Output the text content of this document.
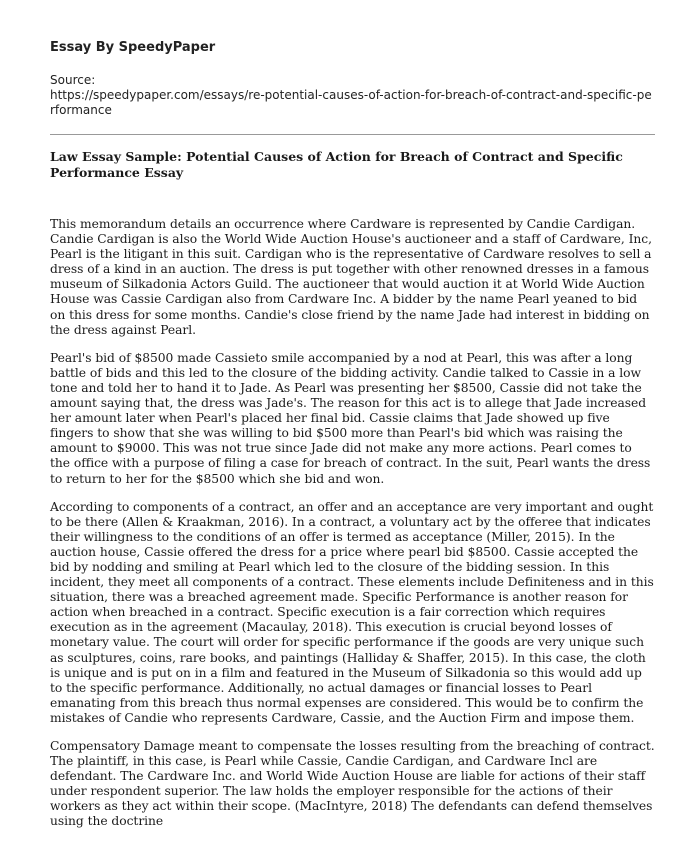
Essay By SpeedyPaper
Source:
https://speedypaper.com/essays/re-potential-causes-of-action-for-breach-of-contract-and-specific-performance
Law Essay Sample: Potential Causes of Action for Breach of Contract and Specific Performance Essay

This memorandum details an occurrence where Cardware is represented by Candie Cardigan. Candie Cardigan is also the World Wide Auction House's auctioneer and a staff of Cardware, Inc, Pearl is the litigant in this suit. Cardigan who is the representative of Cardware resolves to sell a dress of a kind in an auction. The dress is put together with other renowned dresses in a famous museum of Silkadonia Actors Guild. The auctioneer that would auction it at World Wide Auction House was Cassie Cardigan also from Cardware Inc. A bidder by the name Pearl yeaned to bid on this dress for some months. Candie's close friend by the name Jade had interest in bidding on the dress against Pearl.

Pearl's bid of $8500 made Cassieto smile accompanied by a nod at Pearl, this was after a long battle of bids and this led to the closure of the bidding activity. Candie talked to Cassie in a low tone and told her to hand it to Jade. As Pearl was presenting her $8500, Cassie did not take the amount saying that, the dress was Jade's. The reason for this act is to allege that Jade increased her amount later when Pearl's placed her final bid. Cassie claims that Jade showed up five fingers to show that she was willing to bid $500 more than Pearl's bid which was raising the amount to $9000. This was not true since Jade did not make any more actions. Pearl comes to the office with a purpose of filing a case for breach of contract. In the suit, Pearl wants the dress to return to her for the $8500 which she bid and won.

According to components of a contract, an offer and an acceptance are very important and ought to be there (Allen & Kraakman, 2016). In a contract, a voluntary act by the offeree that indicates their willingness to the conditions of an offer is termed as acceptance (Miller, 2015). In the auction house, Cassie offered the dress for a price where pearl bid $8500. Cassie accepted the bid by nodding and smiling at Pearl which led to the closure of the bidding session. In this incident, they meet all components of a contract. These elements include Definiteness and in this situation, there was a breached agreement made. Specific Performance is another reason for action when breached in a contract. Specific execution is a fair correction which requires execution as in the agreement (Macaulay, 2018). This execution is crucial beyond losses of monetary value. The court will order for specific performance if the goods are very unique such as sculptures, coins, rare books, and paintings (Halliday & Shaffer, 2015). In this case, the cloth is unique and is put on in a film and featured in the Museum of Silkadonia so this would add up to the specific performance. Additionally, no actual damages or financial losses to Pearl emanating from this breach thus normal expenses are considered. This would be to confirm the mistakes of Candie who represents Cardware, Cassie, and the Auction Firm and impose them.

Compensatory Damage meant to compensate the losses resulting from the breaching of contract. The plaintiff, in this case, is Pearl while Cassie, Candie Cardigan, and Cardware Incl are defendant. The Cardware Inc. and World Wide Auction House are liable for actions of their staff under respondent superior. The law holds the employer responsible for the actions of their workers as they act within their scope. (MacIntyre, 2018) The defendants can defend themselves using the doctrine
